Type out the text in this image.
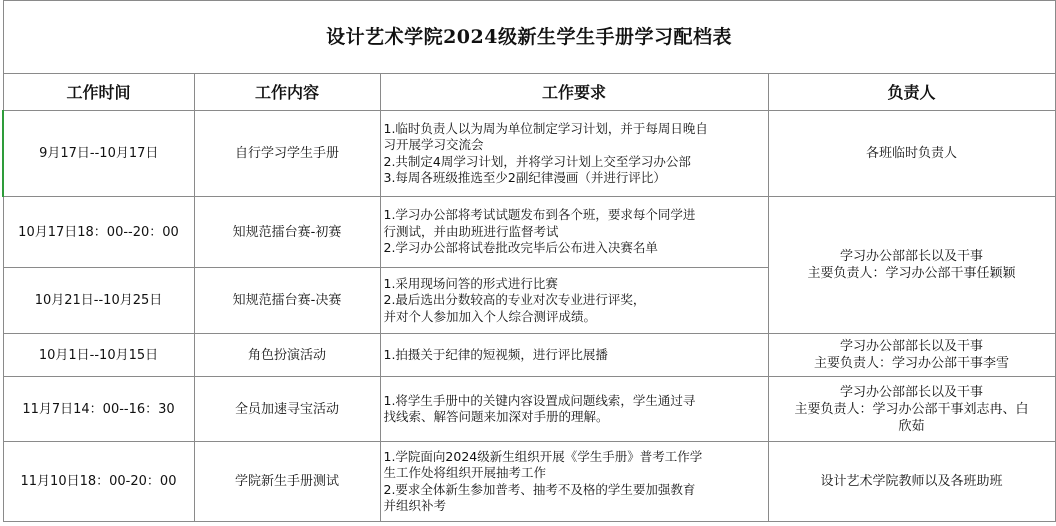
设计艺术学院2024级新生学生手册学习配档表			
工作时间	工作内容	工作要求	负责人
9月17日--10月17日	自行学习学生手册	1.临时负责人以为周为单位制定学习计划，并于每周日晚自
习开展学习交流会
2.共制定4周学习计划，并将学习计划上交至学习办公部
3.每周各班级推选至少2副纪律漫画（并进行评比）	各班临时负责人

10月17日18：00--20：00	知规范擂台赛-初赛	1.学习办公部将考试试题发布到各个班，要求每个同学进
行测试，并由助班进行监督考试
2.学习办公部将试卷批改完毕后公布进入决赛名单	学习办公部部长以及干事
主要负责人：学习办公部干事任颖颖

10月21日--10月25日	知规范擂台赛-决赛	1.采用现场问答的形式进行比赛
2.最后选出分数较高的专业对次专业进行评奖，
并对个人参加加入个人综合测评成绩。	

10月1日--10月15日	角色扮演活动	1.拍摄关于纪律的短视频，进行评比展播	学习办公部部长以及干事
主要负责人：学习办公部干事李雪

11月7日14：00--16：30	全员加速寻宝活动	1.将学生手册中的关键内容设置成问题线索，学生通过寻
找线索、解答问题来加深对手册的理解。	学习办公部部长以及干事
主要负责人：学习办公部干事刘志冉、白
欣茹

11月10日18：00-20：00	学院新生手册测试	1.学院面向2024级新生组织开展《学生手册》普考工作学
生工作处将组织开展抽考工作
2.要求全体新生参加普考、抽考不及格的学生要加强教育
并组织补考	设计艺术学院教师以及各班助班
